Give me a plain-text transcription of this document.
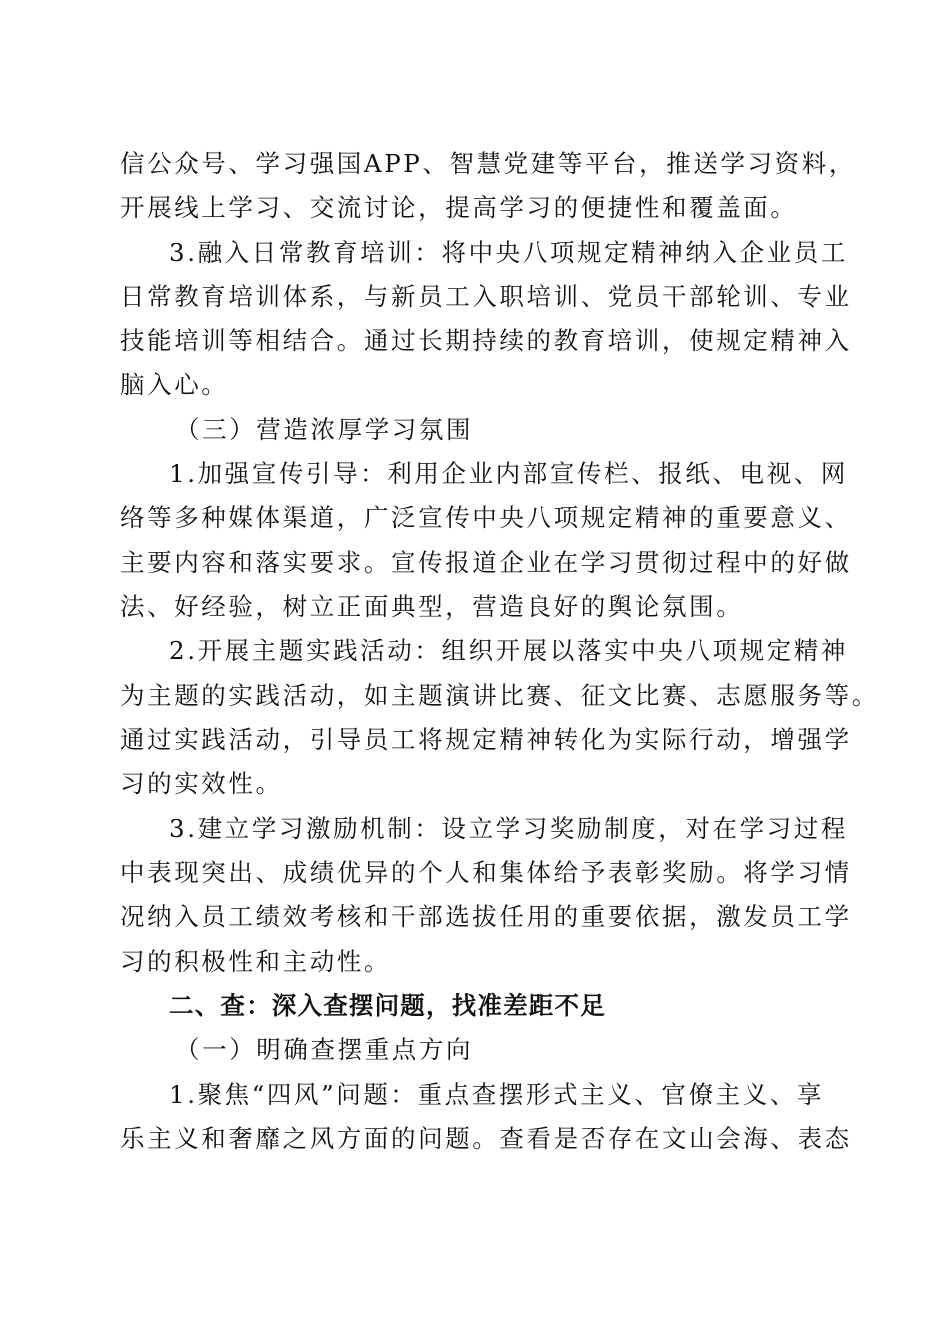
信公众号、学习强国APP、智慧党建等平台，推送学习资料，
开展线上学习、交流讨论，提高学习的便捷性和覆盖面。
3.融入日常教育培训：将中央八项规定精神纳入企业员工
日常教育培训体系，与新员工入职培训、党员干部轮训、专业
技能培训等相结合。通过长期持续的教育培训，使规定精神入
脑入心。
（三）营造浓厚学习氛围
1.加强宣传引导：利用企业内部宣传栏、报纸、电视、网
络等多种媒体渠道，广泛宣传中央八项规定精神的重要意义、
主要内容和落实要求。宣传报道企业在学习贯彻过程中的好做
法、好经验，树立正面典型，营造良好的舆论氛围。
2.开展主题实践活动：组织开展以落实中央八项规定精神
为主题的实践活动，如主题演讲比赛、征文比赛、志愿服务等。
通过实践活动，引导员工将规定精神转化为实际行动，增强学
习的实效性。
3.建立学习激励机制：设立学习奖励制度，对在学习过程
中表现突出、成绩优异的个人和集体给予表彰奖励。将学习情
况纳入员工绩效考核和干部选拔任用的重要依据，激发员工学
习的积极性和主动性。
二、查：深入查摆问题，找准差距不足
（一）明确查摆重点方向
1.聚焦“四风”问题：重点查摆形式主义、官僚主义、享
乐主义和奢靡之风方面的问题。查看是否存在文山会海、表态
